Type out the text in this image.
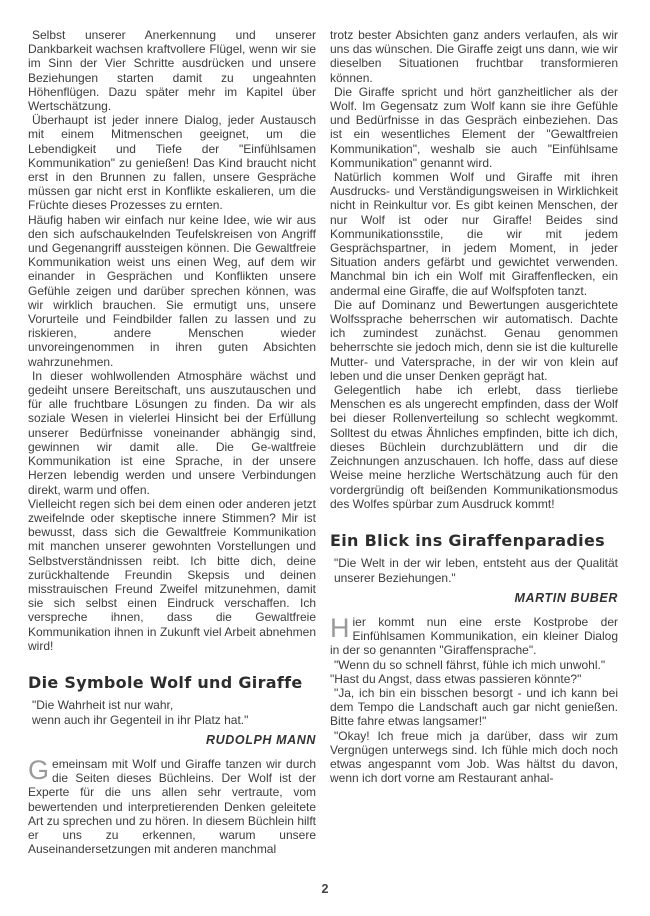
Selbst unserer Anerkennung und unserer Dankbarkeit wachsen kraftvollere Flügel, wenn wir sie im Sinn der Vier Schritte ausdrücken und unsere Beziehungen starten damit zu ungeahnten Höhenflügen. Dazu später mehr im Kapitel über Wertschätzung.

Überhaupt ist jeder innere Dialog, jeder Austausch mit einem Mitmenschen geeignet, um die Lebendigkeit und Tiefe der "Einfühlsamen Kommunikation" zu genießen! Das Kind braucht nicht erst in den Brunnen zu fallen, unsere Gespräche müssen gar nicht erst in Konflikte eskalieren, um die Früchte dieses Prozesses zu ernten.

Häufig haben wir einfach nur keine Idee, wie wir aus den sich aufschaukelnden Teufelskreisen von Angriff und Gegenangriff aussteigen können. Die Gewaltfreie Kommunikation weist uns einen Weg, auf dem wir einander in Gesprächen und Konflikten unsere Gefühle zeigen und darüber sprechen können, was wir wirklich brauchen. Sie ermutigt uns, unsere Vorurteile und Feindbilder fallen zu lassen und zu riskieren, andere Menschen wieder unvoreingenommen in ihren guten Absichten wahrzunehmen.

In dieser wohlwollenden Atmosphäre wächst und gedeiht unsere Bereitschaft, uns auszutauschen und für alle fruchtbare Lösungen zu finden. Da wir als soziale Wesen in vielerlei Hinsicht bei der Erfüllung unserer Bedürfnisse voneinander abhängig sind, gewinnen wir damit alle. Die Ge-waltfreie Kommunikation ist eine Sprache, in der unsere Herzen lebendig werden und unsere Verbindungen direkt, warm und offen.

Vielleicht regen sich bei dem einen oder anderen jetzt zweifelnde oder skeptische innere Stimmen? Mir ist bewusst, dass sich die Gewaltfreie Kommunikation mit manchen unserer gewohnten Vorstellungen und Selbstverständnissen reibt. Ich bitte dich, deine zurückhaltende Freundin Skepsis und deinen misstrauischen Freund Zweifel mitzunehmen, damit sie sich selbst einen Eindruck verschaffen. Ich verspreche ihnen, dass die Gewaltfreie Kommunikation ihnen in Zukunft viel Arbeit abnehmen wird!

Die Symbole Wolf und Giraffe
"Die Wahrheit ist nur wahr,
wenn auch ihr Gegenteil in ihr Platz hat."
RUDOLPH MANN

Gemeinsam mit Wolf und Giraffe tanzen wir durch die Seiten dieses Büchleins. Der Wolf ist der Experte für die uns allen sehr vertraute, vom bewertenden und interpretierenden Denken geleitete Art zu sprechen und zu hören. In diesem Büchlein hilft er uns zu erkennen, warum unsere Auseinandersetzungen mit anderen manchmal

trotz bester Absichten ganz anders verlaufen, als wir uns das wünschen. Die Giraffe zeigt uns dann, wie wir dieselben Situationen fruchtbar transformieren können.

Die Giraffe spricht und hört ganzheitlicher als der Wolf. Im Gegensatz zum Wolf kann sie ihre Gefühle und Bedürfnisse in das Gespräch einbeziehen. Das ist ein wesentliches Element der "Gewaltfreien Kommunikation", weshalb sie auch "Einfühlsame Kommunikation" genannt wird.

Natürlich kommen Wolf und Giraffe mit ihren Ausdrucks- und Verständigungsweisen in Wirklichkeit nicht in Reinkultur vor. Es gibt keinen Menschen, der nur Wolf ist oder nur Giraffe! Beides sind Kommunikationsstile, die wir mit jedem Gesprächspartner, in jedem Moment, in jeder Situation anders gefärbt und gewichtet verwenden. Manchmal bin ich ein Wolf mit Giraffenflecken, ein andermal eine Giraffe, die auf Wolfspfoten tanzt.

Die auf Dominanz und Bewertungen ausgerichtete Wolfssprache beherrschen wir automatisch. Dachte ich zumindest zunächst. Genau genommen beherrschte sie jedoch mich, denn sie ist die kulturelle Mutter- und Vatersprache, in der wir von klein auf leben und die unser Denken geprägt hat.

Gelegentlich habe ich erlebt, dass tierliebe Menschen es als ungerecht empfinden, dass der Wolf bei dieser Rollenverteilung so schlecht wegkommt. Solltest du etwas Ähnliches empfinden, bitte ich dich, dieses Büchlein durchzublättern und dir die Zeichnungen anzuschauen. Ich hoffe, dass auf diese Weise meine herzliche Wertschätzung auch für den vordergründig oft beißenden Kommunikationsmodus des Wolfes spürbar zum Ausdruck kommt!

Ein Blick ins Giraffenparadies
"Die Welt in der wir leben, entsteht aus der Qualität unserer Beziehungen."
MARTIN BUBER

Hier kommt nun eine erste Kostprobe der Einfühlsamen Kommunikation, ein kleiner Dialog in der so genannten "Giraffensprache".

"Wenn du so schnell fährst, fühle ich mich unwohl."

"Hast du Angst, dass etwas passieren könnte?"

"Ja, ich bin ein bisschen besorgt - und ich kann bei dem Tempo die Landschaft auch gar nicht genießen. Bitte fahre etwas langsamer!"

"Okay! Ich freue mich ja darüber, dass wir zum Vergnügen unterwegs sind. Ich fühle mich doch noch etwas angespannt vom Job. Was hältst du davon, wenn ich dort vorne am Restaurant anhal-

2
